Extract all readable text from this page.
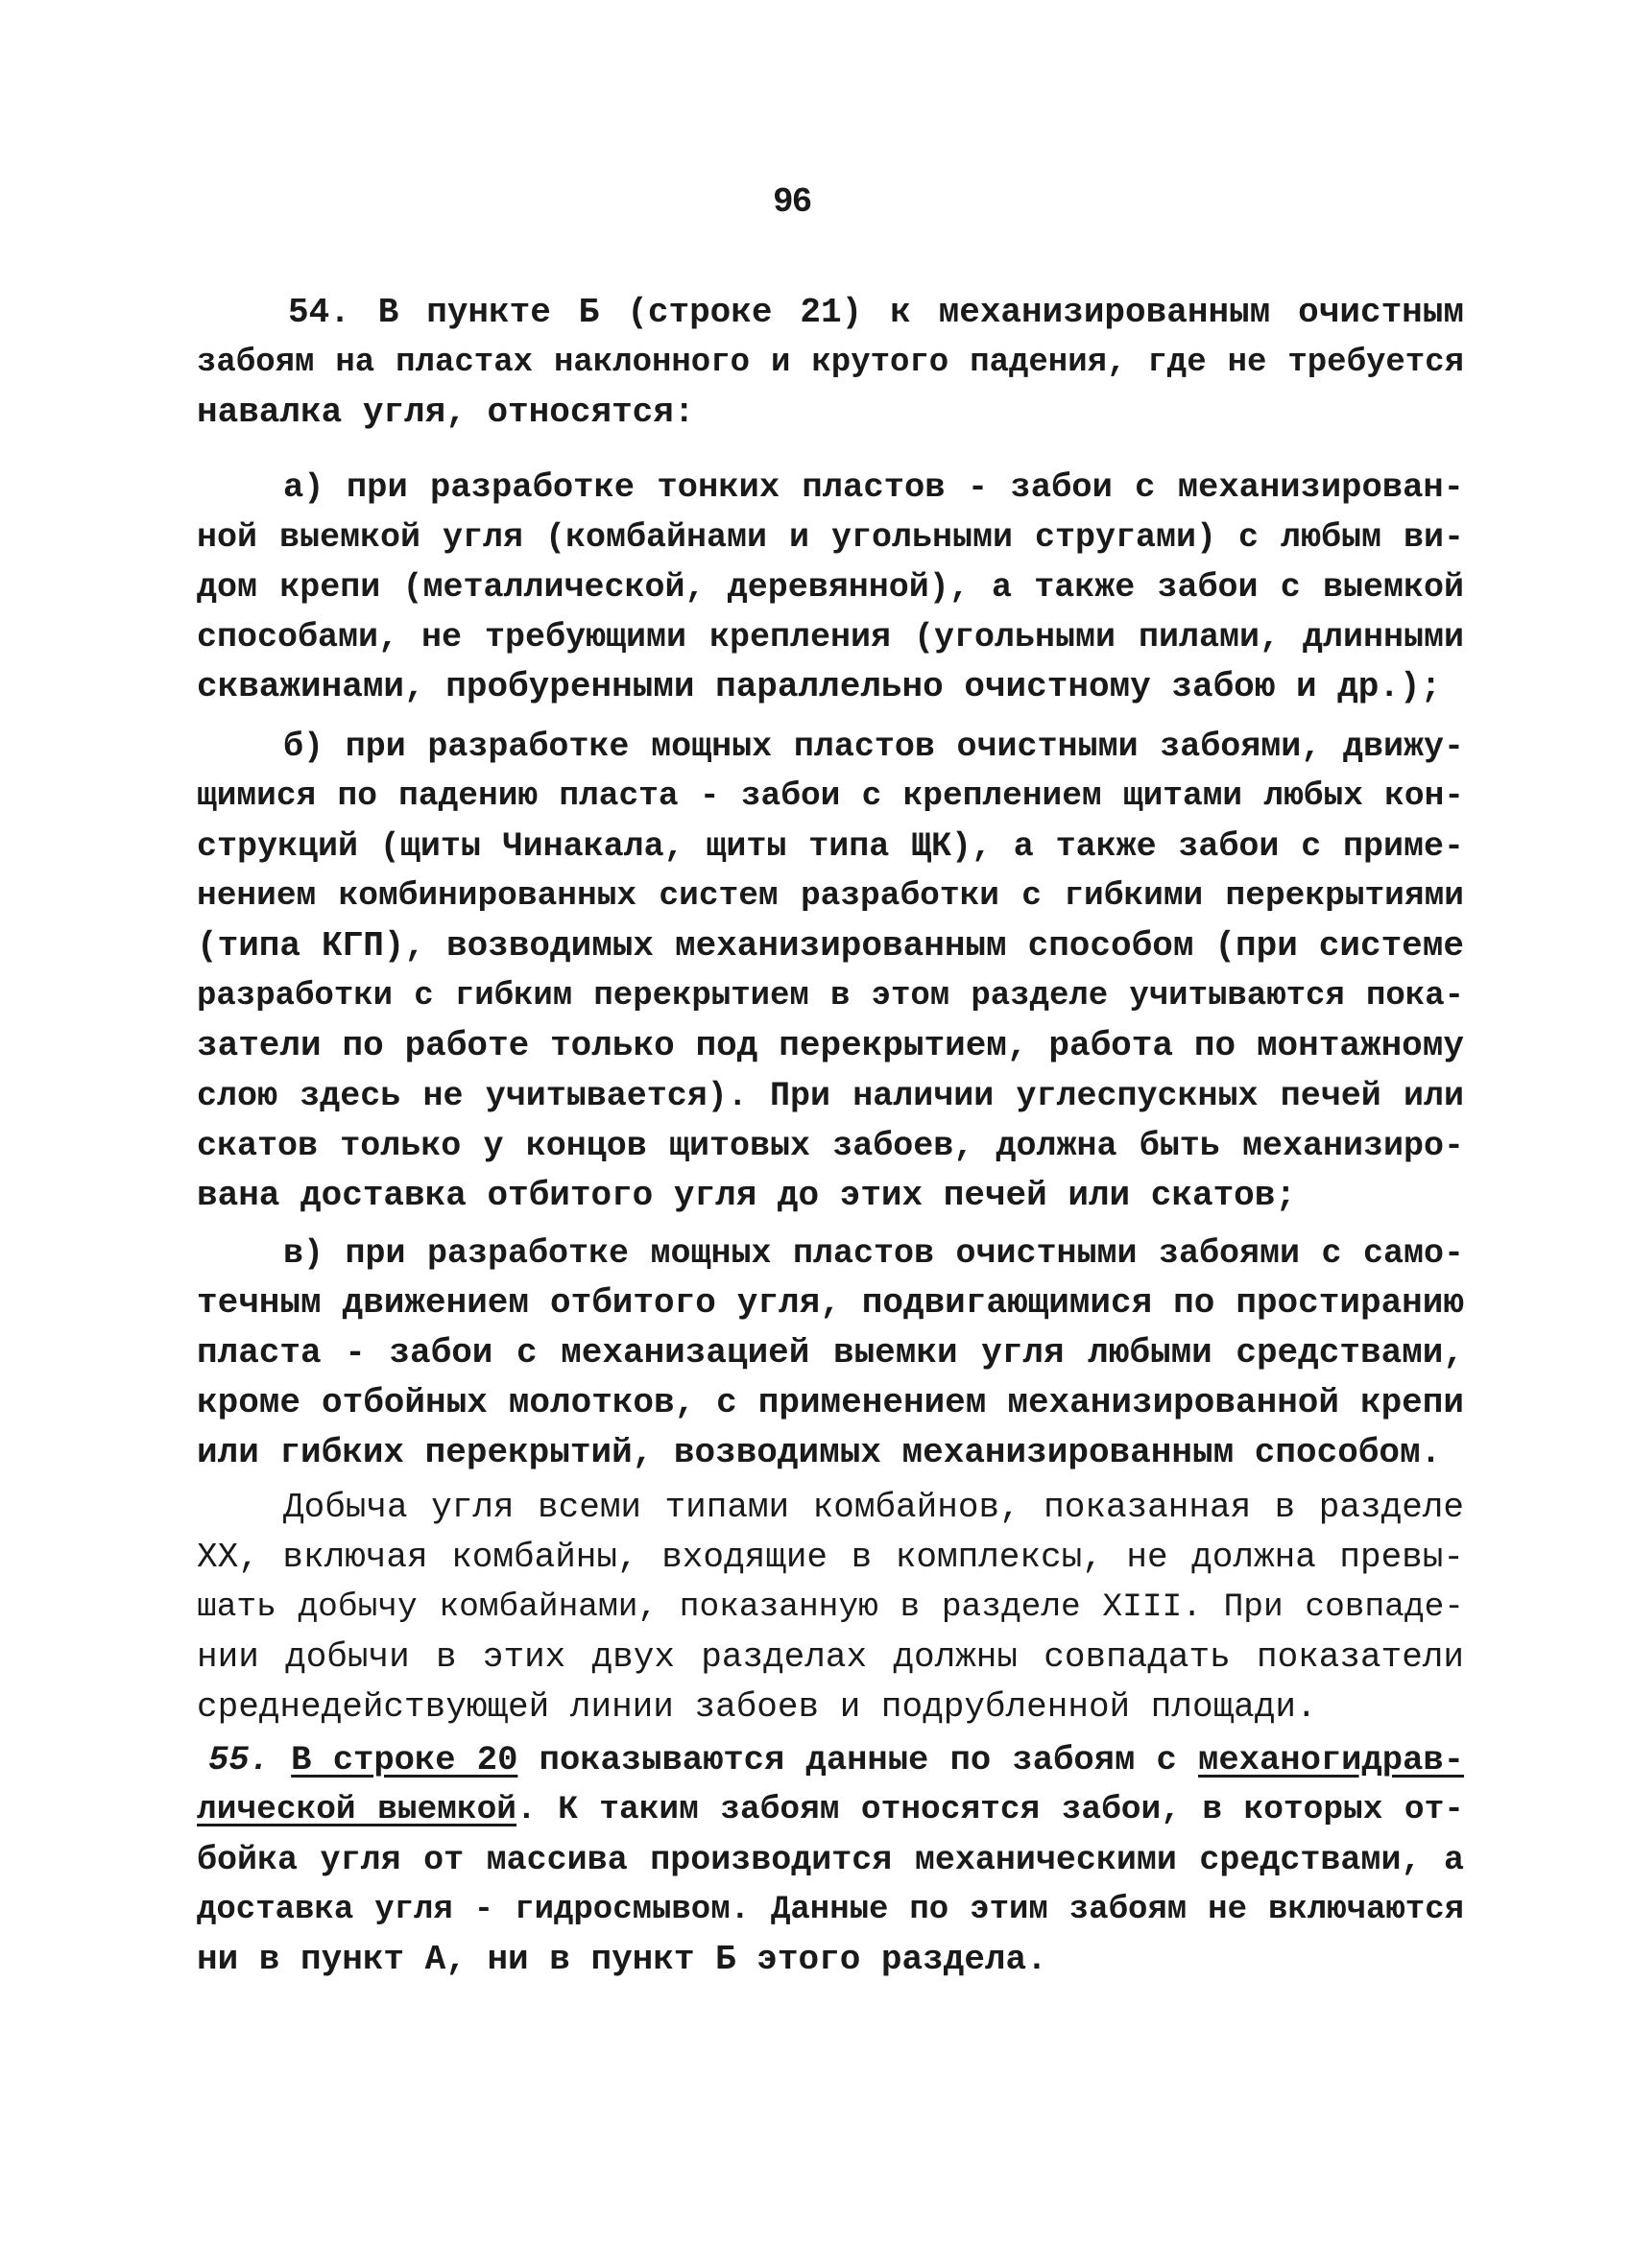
96
54. В пункте Б (строке 21) к механизированным очистным
забоям на пластах наклонного и крутого падения, где не требуется
навалка угля, относятся:
а) при разработке тонких пластов - забои с механизирован-
ной выемкой угля (комбайнами и угольными стругами) с любым ви-
дом крепи (металлической, деревянной), а также забои с выемкой
способами, не требующими крепления (угольными пилами, длинными
скважинами, пробуренными параллельно очистному забою и др.);
б) при разработке мощных пластов очистными забоями, движу-
щимися по падению пласта - забои с креплением щитами любых кон-
струкций (щиты Чинакала, щиты типа ЩК), а также забои с приме-
нением комбинированных систем разработки с гибкими перекрытиями
(типа КГП), возводимых механизированным способом (при системе
разработки с гибким перекрытием в этом разделе учитываются пока-
затели по работе только под перекрытием, работа по монтажному
слою здесь не учитывается). При наличии углеспускных печей или
скатов только у концов щитовых забоев, должна быть механизиро-
вана доставка отбитого угля до этих печей или скатов;
в) при разработке мощных пластов очистными забоями с само-
течным движением отбитого угля, подвигающимися по простиранию
пласта - забои с механизацией выемки угля любыми средствами,
кроме отбойных молотков, с применением механизированной крепи
или гибких перекрытий, возводимых механизированным способом.
Добыча угля всеми типами комбайнов, показанная в разделе
XX, включая комбайны, входящие в комплексы, не должна превы-
шать добычу комбайнами, показанную в разделе XIII. При совпаде-
нии добычи в этих двух разделах должны совпадать показатели
среднедействующей линии забоев и подрубленной площади.
55. В строке 20 показываются данные по забоям с механогидрав-
лической выемкой. К таким забоям относятся забои, в которых от-
бойка угля от массива производится механическими средствами, а
доставка угля - гидросмывом. Данные по этим забоям не включаются
ни в пункт А, ни в пункт Б этого раздела.
